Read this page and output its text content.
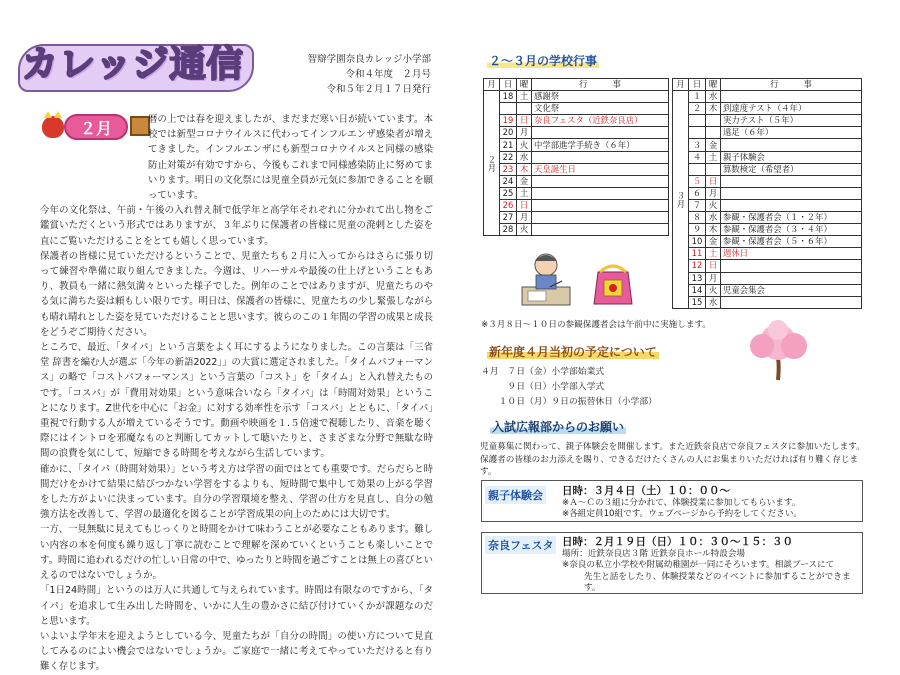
カレッジ通信	智辯学園奈良カレッジ小学部
令和４年度　２月号
令和５年２月１７日発行
２月	暦の上では春を迎えましたが、まだまだ寒い日が続いています。本校では新型コロナウイルスに代わってインフルエンザ感染者が増えてきました。インフルエンザにも新型コロナウイルスと同様の感染防止対策が有効ですから、今後もこれまで同様感染防止に努めてまいります。明日の文化祭には児童全員が元気に参加できることを願っています。

今年の文化祭は、午前・午後の入れ替え制で低学年と高学年それぞれに分かれて出し物をご鑑賞いただくという形式ではありますが、３年ぶりに保護者の皆様に児童の溌剌とした姿を直にご覧いただけることをとても嬉しく思っています。

保護者の皆様に見ていただけるということで、児童たちも２月に入ってからはさらに張り切って練習や準備に取り組んできました。今週は、リハーサルや最後の仕上げということもあり、教員も一緒に熱気満々といった様子でした。例年のことではありますが、児童たちのやる気に満ちた姿は頼もしい限りです。明日は、保護者の皆様に、児童たちの少し緊張しながらも晴れ晴れとした姿を見ていただけることと思います。彼らのこの１年間の学習の成果と成長をどうぞご期待ください。

ところで、最近、「タイパ」という言葉をよく耳にするようになりました。この言葉は「三省堂 辞書を編む人が選ぶ「今年の新語2022」」の大賞に選定されました。「タイムパフォーマンス」の略で「コストパフォーマンス」という言葉の「コスト」を「タイム」と入れ替えたものです。「コスパ」が「費用対効果」という意味合いなら「タイパ」は「時間対効果」ということになります。Z世代を中心に「お金」に対する効率性を示す「コスパ」とともに、「タイパ」重視で行動する人が増えているそうです。動画や映画を１.５倍速で視聴したり、音楽を聴く際にはイントロを邪魔なものと判断してカットして聴いたりと、さまざまな分野で無駄な時間の浪費を気にして、短縮できる時間を考えながら生活しています。

確かに、「タイパ（時間対効果）」という考え方は学習の面ではとても重要です。だらだらと時間だけをかけて結果に結びつかない学習をするよりも、短時間で集中して効果の上がる学習をした方がよいに決まっています。自分の学習環境を整え、学習の仕方を見直し、自分の勉強方法を改善して、学習の最適化を図ることが学習成果の向上のためには大切です。

一方、一見無駄に見えてもじっくりと時間をかけて味わうことが必要なこともあります。難しい内容の本を何度も繰り返し丁寧に読むことで理解を深めていくということも楽しいことです。時間に追われるだけの忙しい日常の中で、ゆったりと時間を過ごすことは無上の喜びといえるのではないでしょうか。

「1日24時間」というのは万人に共通して与えられています。時間は有限なのですから、「タイパ」を追求して生み出した時間を、いかに人生の豊かさに結び付けていくかが課題なのだと思います。

いよいよ学年末を迎えようとしている今、児童たちが「自分の時間」の使い方について見直してみるのによい機会ではないでしょうか。ご家庭で一緒に考えてやっていただけると有り難く存じます。

２～３月の学校行事
月	日	曜	行　　　事
２月	18	土	感謝祭
			文化祭
	19	日	奈良フェスタ（近鉄奈良店）
	20	月	
	21	火	中学部進学手続き（６年）
	22	水	
	23	木	天皇誕生日
	24	金	
	25	土	
	26	日	
	27	月	
	28	火	
月	日	曜	行　　　事
３月	１	水	
	２	木	到達度テスト（４年）
			実力テスト（５年）
			遠足（６年）
	３	金	
	４	土	親子体験会
			算数検定（希望者）
	５	日	
	６	月	
	７	火	
	８	水	参観・保護者会（１・２年）
	９	木	参観・保護者会（３・４年）
	10	金	参観・保護者会（５・６年）
	11	土	週休日
	12	日	
	13	月	
	14	火	児童会集会
	15	水	
※３月８日～１０日の参観保護者会は午前中に実施します。
新年度４月当初の予定について
４月　７日（金）小学部始業式
　　　９日（日）小学部入学式
　　１０日（月）９日の振替休日（小学部）
入試広報部からのお願い
児童募集に関わって、親子体験会を開催します。また近鉄奈良店で奈良フェスタに参加いたします。保護者の皆様のお力添えを賜り、できるだけたくさんの人にお集まりいただければ有り難く存じます。
親子体験会 日時：３月４日（土）１０：００～
※Ａ～Ｃの３組に分かれて、体験授業に参加してもらいます。
※各組定員10組です。ウェブページから予約をしてください。
奈良フェスタ 日時：２月１９日（日）１０：３０～１５：３０
場所：近鉄奈良店３階 近鉄奈良ホール特設会場
※奈良の私立小学校や附属幼稚園が一同にそろいます。相談ブースにて
先生と話をしたり、体験授業などのイベントに参加することができます。
